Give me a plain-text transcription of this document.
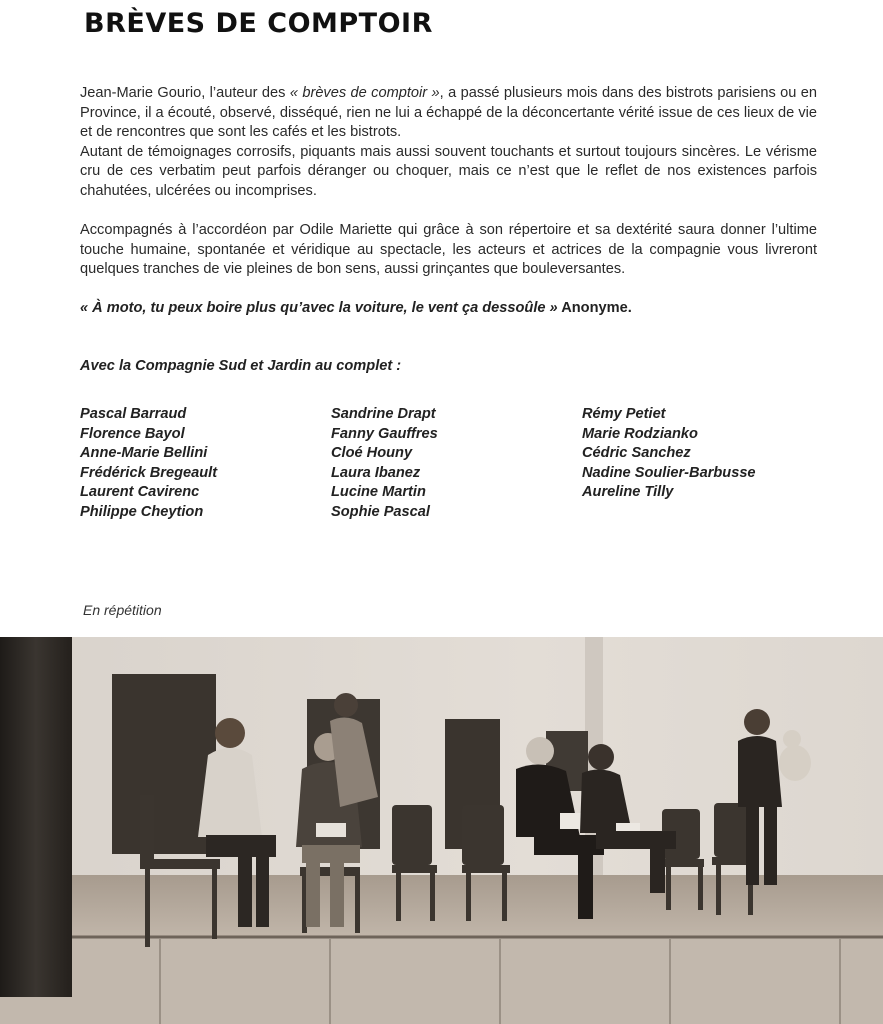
BRÈVES DE COMPTOIR

Jean-Marie Gourio, l’auteur des « brèves de comptoir », a passé plusieurs mois dans des bistrots parisiens ou en Province, il a écouté, observé, disséqué, rien ne lui a échappé de la déconcertante vérité issue de ces lieux de vie et de rencontres que sont les cafés et les bistrots.

Autant de témoignages corrosifs, piquants mais aussi souvent touchants et surtout toujours sincères. Le vérisme cru de ces verbatim peut parfois déranger ou choquer, mais ce n’est que le reflet de nos existences parfois chahutées, ulcérées ou incomprises.

Accompagnés à l’accordéon par Odile Mariette qui grâce à son répertoire et sa dextérité saura donner l’ultime touche humaine, spontanée et véridique au spectacle, les acteurs et actrices de la compagnie vous livreront quelques tranches de vie pleines de bon sens, aussi grinçantes que bouleversantes.

« À moto, tu peux boire plus qu’avec la voiture, le vent ça dessoûle » Anonyme.
Avec la Compagnie Sud et Jardin au complet :
Pascal Barraud
Florence Bayol
Anne-Marie Bellini
Frédérick Bregeault
Laurent Cavirenc
Philippe Cheytion
Sandrine Drapt
Fanny Gauffres
Cloé Houny
Laura Ibanez
Lucine Martin
Sophie Pascal
Rémy Petiet
Marie Rodzianko
Cédric Sanchez
Nadine Soulier-Barbusse
Aureline Tilly
En répétition
